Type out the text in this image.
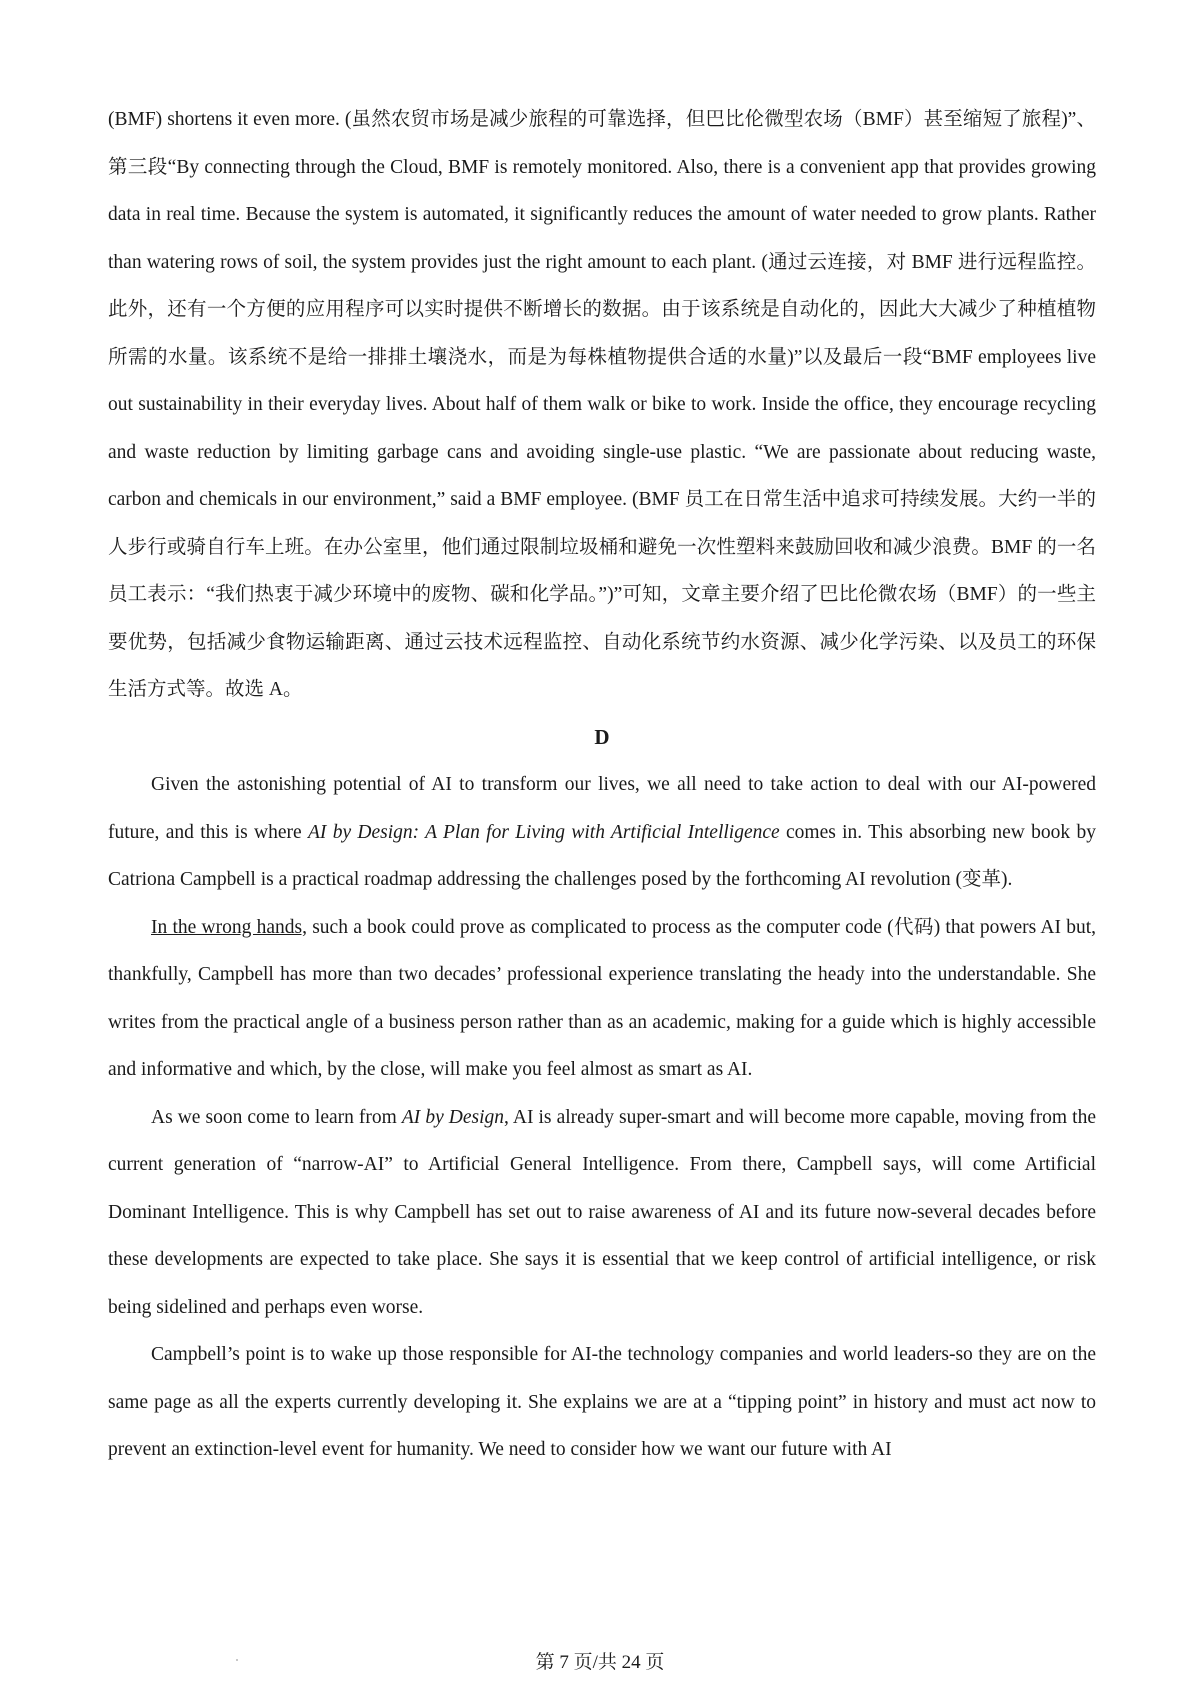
(BMF) shortens it even more. (虽然农贸市场是减少旅程的可靠选择，但巴比伦微型农场（BMF）甚至缩短了旅程)”、第三段“By connecting through the Cloud, BMF is remotely monitored. Also, there is a convenient app that provides growing data in real time. Because the system is automated, it significantly reduces the amount of water needed to grow plants. Rather than watering rows of soil, the system provides just the right amount to each plant. (通过云连接，对 BMF 进行远程监控。此外，还有一个方便的应用程序可以实时提供不断增长的数据。由于该系统是自动化的，因此大大减少了种植植物所需的水量。该系统不是给一排排土壤浇水，而是为每株植物提供合适的水量)”以及最后一段“BMF employees live out sustainability in their everyday lives. About half of them walk or bike to work. Inside the office, they encourage recycling and waste reduction by limiting garbage cans and avoiding single-use plastic. “We are passionate about reducing waste, carbon and chemicals in our environment,” said a BMF employee. (BMF 员工在日常生活中追求可持续发展。大约一半的人步行或骑自行车上班。在办公室里，他们通过限制垃圾桶和避免一次性塑料来鼓励回收和减少浪费。BMF 的一名员工表示：“我们热衷于减少环境中的废物、碳和化学品。”)”可知，文章主要介绍了巴比伦微农场（BMF）的一些主要优势，包括减少食物运输距离、通过云技术远程监控、自动化系统节约水资源、减少化学污染、以及员工的环保生活方式等。故选 A。

D

Given the astonishing potential of AI to transform our lives, we all need to take action to deal with our AI-powered future, and this is where AI by Design: A Plan for Living with Artificial Intelligence comes in. This absorbing new book by Catriona Campbell is a practical roadmap addressing the challenges posed by the forthcoming AI revolution (变革).

In the wrong hands, such a book could prove as complicated to process as the computer code (代码) that powers AI but, thankfully, Campbell has more than two decades’ professional experience translating the heady into the understandable. She writes from the practical angle of a business person rather than as an academic, making for a guide which is highly accessible and informative and which, by the close, will make you feel almost as smart as AI.

As we soon come to learn from AI by Design, AI is already super-smart and will become more capable, moving from the current generation of “narrow-AI” to Artificial General Intelligence. From there, Campbell says, will come Artificial Dominant Intelligence. This is why Campbell has set out to raise awareness of AI and its future now-several decades before these developments are expected to take place. She says it is essential that we keep control of artificial intelligence, or risk being sidelined and perhaps even worse.

Campbell’s point is to wake up those responsible for AI-the technology companies and world leaders-so they are on the same page as all the experts currently developing it. She explains we are at a “tipping point” in history and must act now to prevent an extinction-level event for humanity. We need to consider how we want our future with AI

第 7 页/共 24 页
